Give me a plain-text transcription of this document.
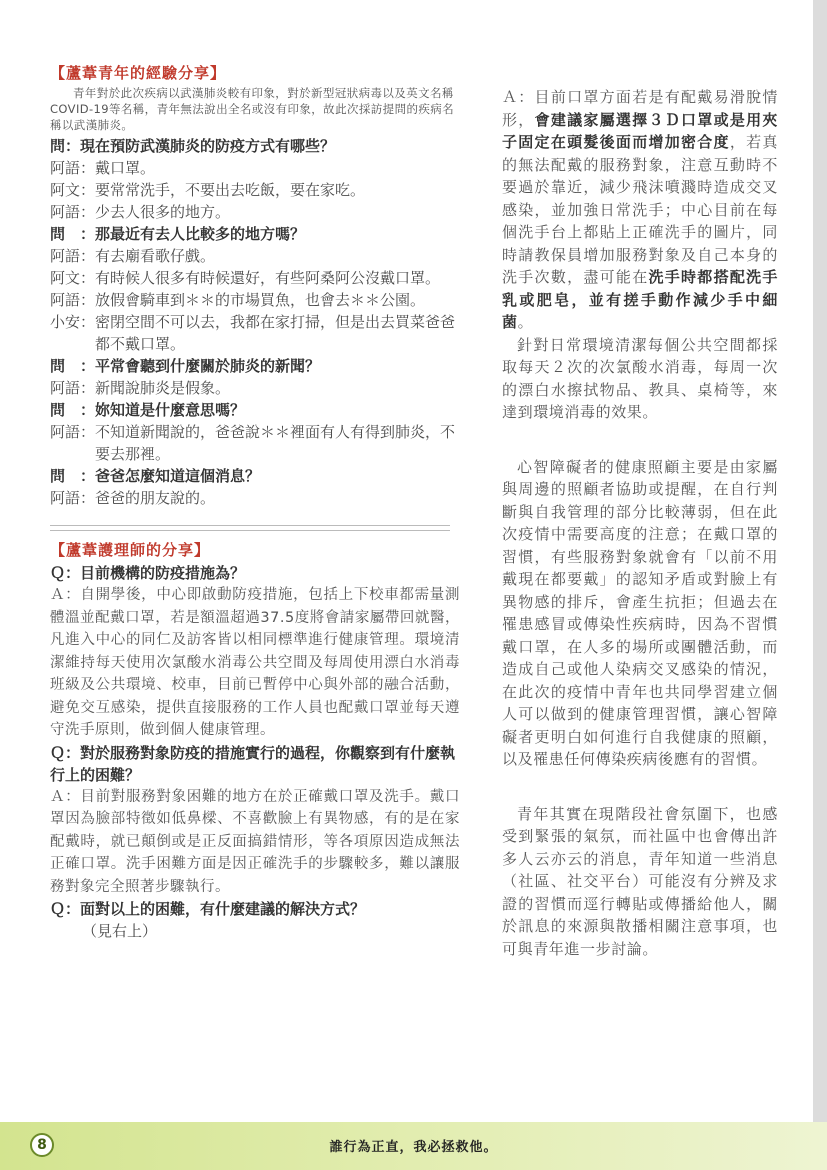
【蘆葦青年的經驗分享】

青年對於此次疾病以武漢肺炎較有印象，對於新型冠狀病毒以及英文名稱COVID-19等名稱，青年無法說出全名或沒有印象，故此次採訪提問的疾病名稱以武漢肺炎。

問： 現在預防武漢肺炎的防疫方式有哪些？

阿語： 戴口罩。

阿文： 要常常洗手，不要出去吃飯，要在家吃。

阿語： 少去人很多的地方。

問　： 那最近有去人比較多的地方嗎？

阿語： 有去廟看歌仔戲。

阿文： 有時候人很多有時候還好，有些阿桑阿公沒戴口罩。

阿語： 放假會騎車到＊＊的市場買魚，也會去＊＊公園。

小安： 密閉空間不可以去，我都在家打掃，但是出去買菜爸爸都不戴口罩。

問　： 平常會聽到什麼關於肺炎的新聞？

阿語： 新聞說肺炎是假象。

問　： 妳知道是什麼意思嗎？

阿語： 不知道新聞說的，爸爸說＊＊裡面有人有得到肺炎，不要去那裡。

問　： 爸爸怎麼知道這個消息？

阿語： 爸爸的朋友說的。

【蘆葦護理師的分享】

Ｑ：目前機構的防疫措施為？

Ａ：自開學後，中心即啟動防疫措施，包括上下校車都需量測體溫並配戴口罩，若是額溫超過37.5度將會請家屬帶回就醫，凡進入中心的同仁及訪客皆以相同標準進行健康管理。環境清潔維持每天使用次氯酸水消毒公共空間及每周使用漂白水消毒班級及公共環境、校車，目前已暫停中心與外部的融合活動，避免交互感染，提供直接服務的工作人員也配戴口罩並每天遵守洗手原則，做到個人健康管理。

Ｑ：對於服務對象防疫的措施實行的過程，你觀察到有什麼執行上的困難？

Ａ：目前對服務對象困難的地方在於正確戴口罩及洗手。戴口罩因為臉部特徵如低鼻樑、不喜歡臉上有異物感，有的是在家配戴時，就已顛倒或是正反面搞錯情形，等各項原因造成無法正確口罩。洗手困難方面是因正確洗手的步驟較多，難以讓服務對象完全照著步驟執行。

Ｑ：面對以上的困難，有什麼建議的解決方式？

（見右上）

Ａ：目前口罩方面若是有配戴易滑脫情形，會建議家屬選擇３Ｄ口罩或是用夾子固定在頭髮後面而增加密合度，若真的無法配戴的服務對象，注意互動時不要過於靠近，減少飛沫噴濺時造成交叉感染，並加強日常洗手；中心目前在每個洗手台上都貼上正確洗手的圖片，同時請教保員增加服務對象及自己本身的洗手次數，盡可能在洗手時都搭配洗手乳或肥皂，並有搓手動作減少手中細菌。

針對日常環境清潔每個公共空間都採取每天２次的次氯酸水消毒，每周一次的漂白水擦拭物品、教具、桌椅等，來達到環境消毒的效果。

心智障礙者的健康照顧主要是由家屬與周邊的照顧者協助或提醒，在自行判斷與自我管理的部分比較薄弱，但在此次疫情中需要高度的注意；在戴口罩的習慣，有些服務對象就會有「以前不用戴現在都要戴」的認知矛盾或對臉上有異物感的排斥，會產生抗拒；但過去在罹患感冒或傳染性疾病時，因為不習慣戴口罩，在人多的場所或團體活動，而造成自己或他人染病交叉感染的情況，在此次的疫情中青年也共同學習建立個人可以做到的健康管理習慣，讓心智障礙者更明白如何進行自我健康的照顧，以及罹患任何傳染疾病後應有的習慣。

青年其實在現階段社會氛圍下，也感受到緊張的氣氛，而社區中也會傳出許多人云亦云的消息，青年知道一些消息（社區、社交平台）可能沒有分辨及求證的習慣而逕行轉貼或傳播給他人，關於訊息的來源與散播相關注意事項，也可與青年進一步討論。

8	誰行為正直，我必拯救他。
